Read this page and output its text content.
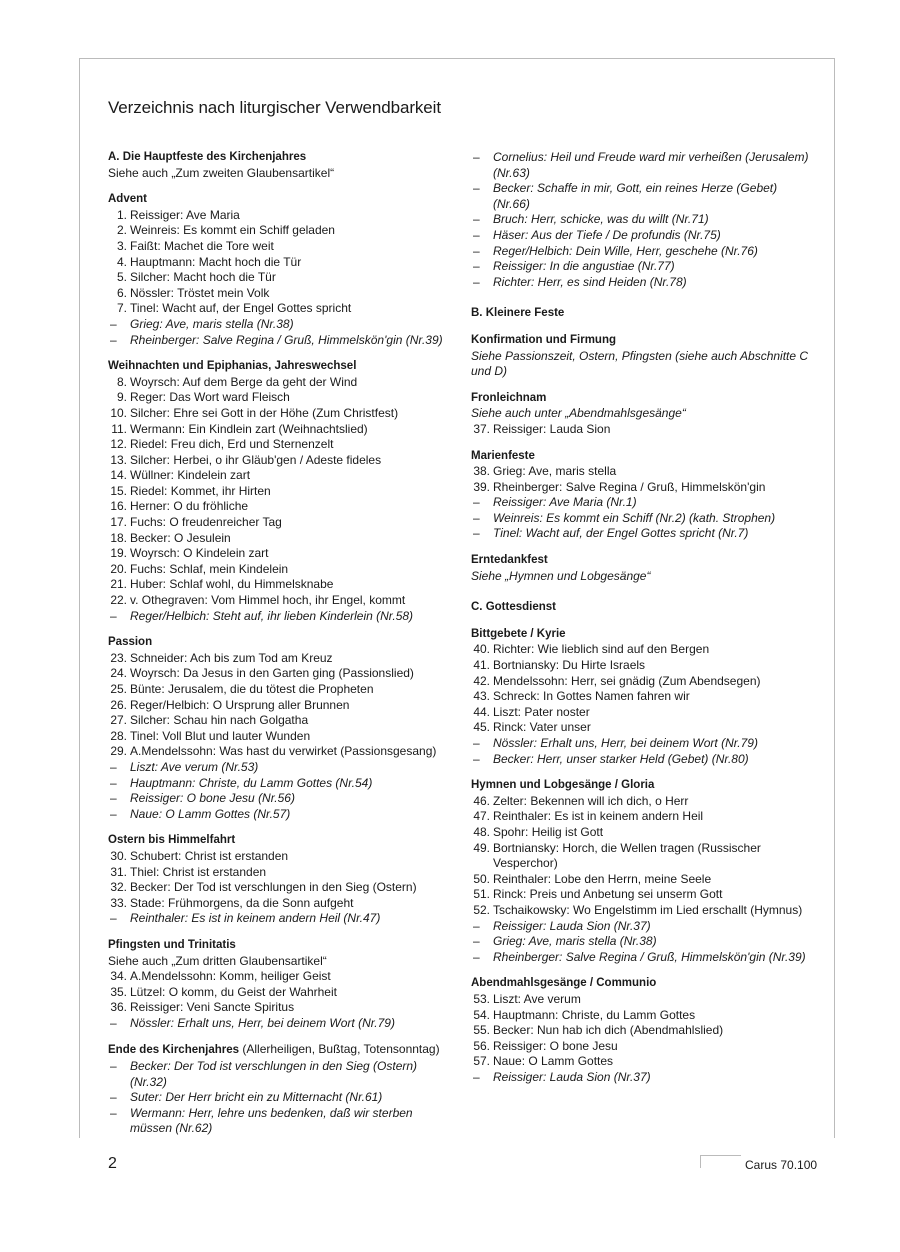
Verzeichnis nach liturgischer Verwendbarkeit
A. Die Hauptfeste des Kirchenjahres
Siehe auch „Zum zweiten Glaubensartikel“
Advent
1. Reissiger: Ave Maria
2. Weinreis: Es kommt ein Schiff geladen
3. Faißt: Machet die Tore weit
4. Hauptmann: Macht hoch die Tür
5. Silcher: Macht hoch die Tür
6. Nössler: Tröstet mein Volk
7. Tinel: Wacht auf, der Engel Gottes spricht
–	Grieg: Ave, maris stella (Nr.38)
–	Rheinberger: Salve Regina / Gruß, Himmelskön'gin (Nr.39)
Weihnachten und Epiphanias, Jahreswechsel
8. Woyrsch: Auf dem Berge da geht der Wind
9. Reger: Das Wort ward Fleisch
10. Silcher: Ehre sei Gott in der Höhe (Zum Christfest)
11. Wermann: Ein Kindlein zart (Weihnachtslied)
12. Riedel: Freu dich, Erd und Sternenzelt
13. Silcher: Herbei, o ihr Gläub'gen / Adeste fideles
14. Wüllner: Kindelein zart
15. Riedel: Kommet, ihr Hirten
16. Herner: O du fröhliche
17. Fuchs: O freudenreicher Tag
18. Becker: O Jesulein
19. Woyrsch: O Kindelein zart
20. Fuchs: Schlaf, mein Kindelein
21. Huber: Schlaf wohl, du Himmelsknabe
22. v. Othegraven: Vom Himmel hoch, ihr Engel, kommt
–	Reger/Helbich: Steht auf, ihr lieben Kinderlein (Nr.58)
Passion
23. Schneider: Ach bis zum Tod am Kreuz
24. Woyrsch: Da Jesus in den Garten ging (Passionslied)
25. Bünte: Jerusalem, die du tötest die Propheten
26. Reger/Helbich: O Ursprung aller Brunnen
27. Silcher: Schau hin nach Golgatha
28. Tinel: Voll Blut und lauter Wunden
29. A.Mendelssohn: Was hast du verwirket (Passionsgesang)
–	Liszt: Ave verum (Nr.53)
–	Hauptmann: Christe, du Lamm Gottes (Nr.54)
–	Reissiger: O bone Jesu (Nr.56)
–	Naue: O Lamm Gottes (Nr.57)
Ostern bis Himmelfahrt
30. Schubert: Christ ist erstanden
31. Thiel: Christ ist erstanden
32. Becker: Der Tod ist verschlungen in den Sieg (Ostern)
33. Stade: Frühmorgens, da die Sonn aufgeht
–	Reinthaler: Es ist in keinem andern Heil (Nr.47)
Pfingsten und Trinitatis
Siehe auch „Zum dritten Glaubensartikel“
34. A.Mendelssohn: Komm, heiliger Geist
35. Lützel: O komm, du Geist der Wahrheit
36. Reissiger: Veni Sancte Spiritus
–	Nössler: Erhalt uns, Herr, bei deinem Wort (Nr.79)
Ende des Kirchenjahres (Allerheiligen, Bußtag, Totensonntag)
–	Becker: Der Tod ist verschlungen in den Sieg (Ostern) (Nr.32)
–	Suter: Der Herr bricht ein zu Mitternacht (Nr.61)
–	Wermann: Herr, lehre uns bedenken, daß wir sterben müssen (Nr.62)
–	Cornelius: Heil und Freude ward mir verheißen (Jerusalem) (Nr.63)
–	Becker: Schaffe in mir, Gott, ein reines Herze (Gebet) (Nr.66)
–	Bruch: Herr, schicke, was du willt (Nr.71)
–	Häser: Aus der Tiefe / De profundis (Nr.75)
–	Reger/Helbich: Dein Wille, Herr, geschehe (Nr.76)
–	Reissiger: In die angustiae (Nr.77)
–	Richter: Herr, es sind Heiden (Nr.78)
B. Kleinere Feste
Konfirmation und Firmung
Siehe Passionszeit, Ostern, Pfingsten (siehe auch Abschnitte C und D)
Fronleichnam
Siehe auch unter „Abendmahlsgesänge“
37. Reissiger: Lauda Sion
Marienfeste
38. Grieg: Ave, maris stella
39. Rheinberger: Salve Regina / Gruß, Himmelskön'gin
–	Reissiger: Ave Maria (Nr.1)
–	Weinreis: Es kommt ein Schiff (Nr.2) (kath. Strophen)
–	Tinel: Wacht auf, der Engel Gottes spricht (Nr.7)
Erntedankfest
Siehe „Hymnen und Lobgesänge“
C. Gottesdienst
Bittgebete / Kyrie
40. Richter: Wie lieblich sind auf den Bergen
41. Bortniansky: Du Hirte Israels
42. Mendelssohn: Herr, sei gnädig (Zum Abendsegen)
43. Schreck: In Gottes Namen fahren wir
44. Liszt: Pater noster
45. Rinck: Vater unser
–	Nössler: Erhalt uns, Herr, bei deinem Wort (Nr.79)
–	Becker: Herr, unser starker Held (Gebet) (Nr.80)
Hymnen und Lobgesänge / Gloria
46. Zelter: Bekennen will ich dich, o Herr
47. Reinthaler: Es ist in keinem andern Heil
48. Spohr: Heilig ist Gott
49. Bortniansky: Horch, die Wellen tragen (Russischer Vesperchor)
50. Reinthaler: Lobe den Herrn, meine Seele
51. Rinck: Preis und Anbetung sei unserm Gott
52. Tschaikowsky: Wo Engelstimm im Lied erschallt (Hymnus)
–	Reissiger: Lauda Sion (Nr.37)
–	Grieg: Ave, maris stella (Nr.38)
–	Rheinberger: Salve Regina / Gruß, Himmelskön'gin (Nr.39)
Abendmahlsgesänge / Communio
53. Liszt: Ave verum
54. Hauptmann: Christe, du Lamm Gottes
55. Becker: Nun hab ich dich (Abendmahlslied)
56. Reissiger: O bone Jesu
57. Naue: O Lamm Gottes
–	Reissiger: Lauda Sion (Nr.37)
2	Carus 70.100
